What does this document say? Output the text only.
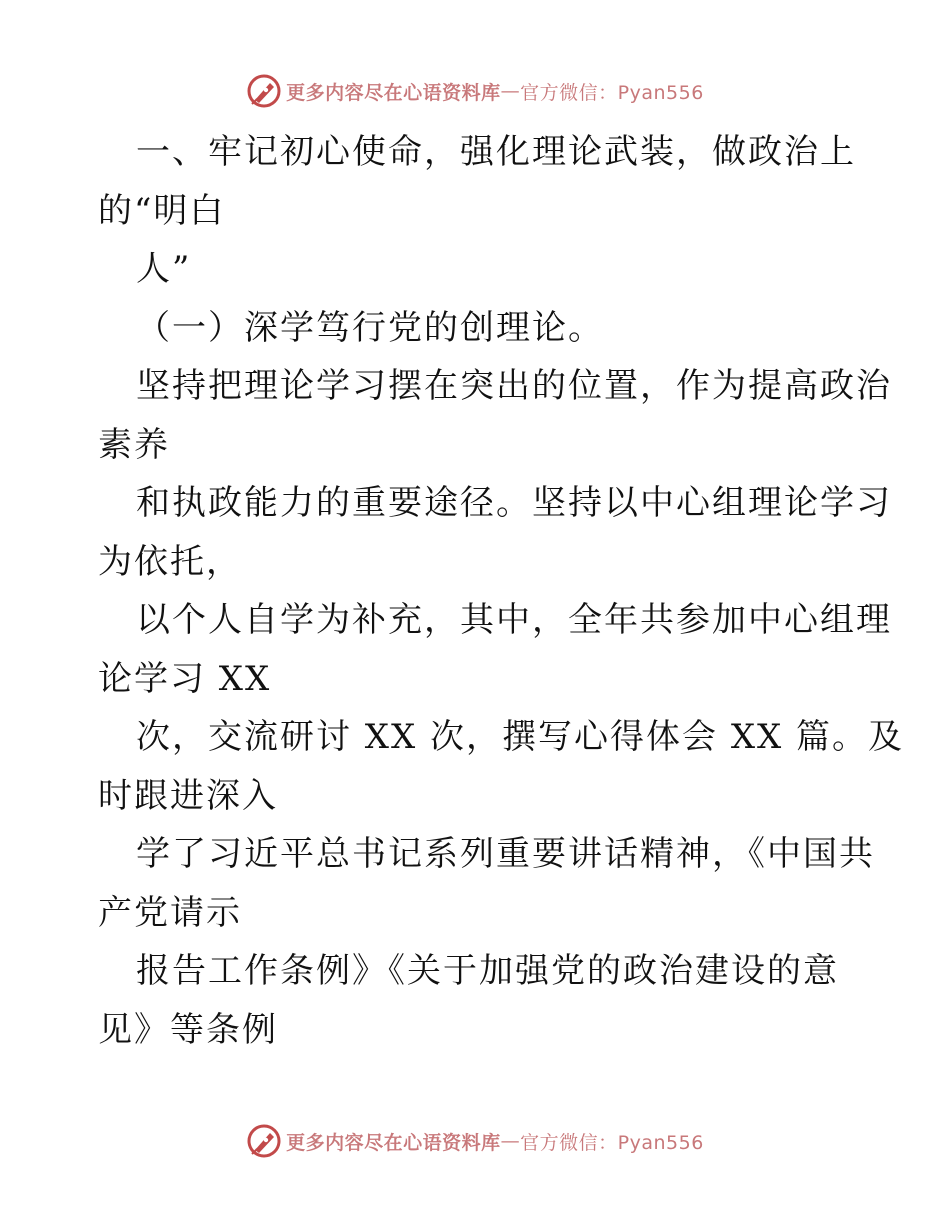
更多内容尽在心语资料库 — 官方微信：Pyan556
一、牢记初心使命，强化理论武装，做政治上
的“明白
人”
（一）深学笃行党的创理论。
坚持把理论学习摆在突出的位置，作为提高政治
素养
和执政能力的重要途径。坚持以中心组理论学习
为依托，
以个人自学为补充，其中，全年共参加中心组理
论学习 XX
次，交流研讨 XX 次，撰写心得体会 XX 篇。及
时跟进深入
学了习近平总书记系列重要讲话精神，《中国共
产党请示
报告工作条例》《关于加强党的政治建设的意
见》等条例
更多内容尽在心语资料库 — 官方微信：Pyan556
